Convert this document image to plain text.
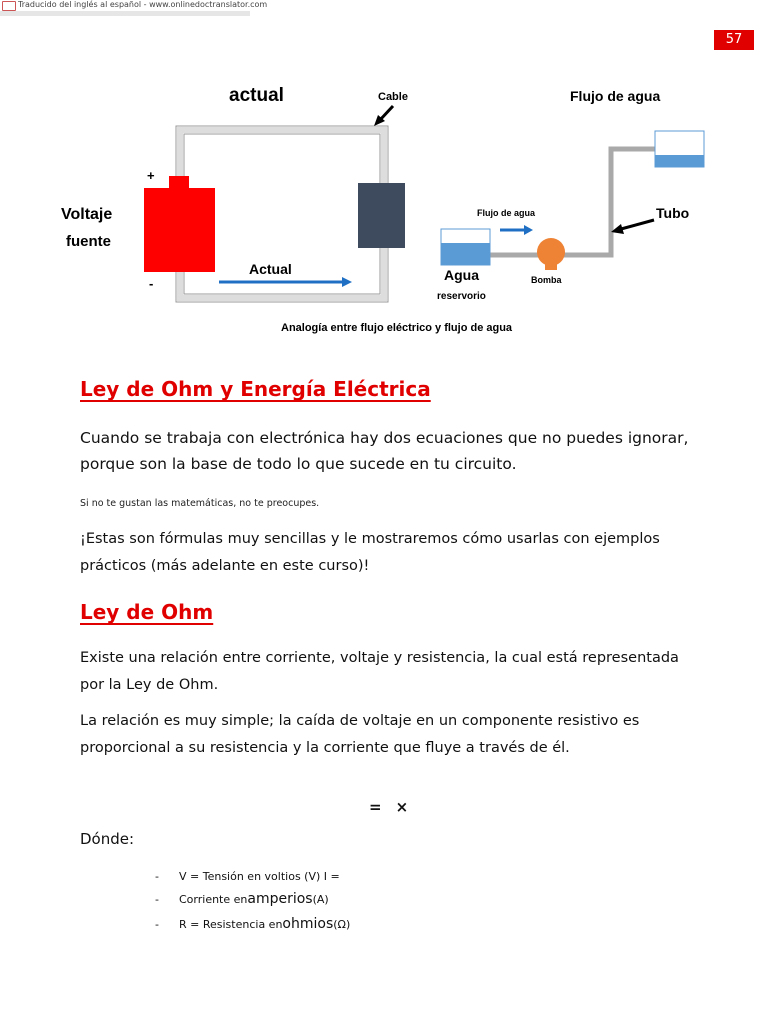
Traducido del inglés al español - www.onlinedoctranslator.com
57
actual	Cable
+
-
Voltaje
fuente
Actual
Flujo de agua
Flujo de agua	Tubo
Agua
reservorio
Bomba
Analogía entre flujo eléctrico y flujo de agua
Ley de Ohm y Energía Eléctrica
Cuando se trabaja con electrónica hay dos ecuaciones que no puedes ignorar, porque son la base de todo lo que sucede en tu circuito.
Si no te gustan las matemáticas, no te preocupes.
¡Estas son fórmulas muy sencillas y le mostraremos cómo usarlas con ejemplos prácticos (más adelante en este curso)!
Ley de Ohm
Existe una relación entre corriente, voltaje y resistencia, la cual está representada por la Ley de Ohm.
La relación es muy simple; la caída de voltaje en un componente resistivo es proporcional a su resistencia y la corriente que fluye a través de él.
= ×
Dónde:
- V = Tensión en voltios (V) I =
- Corriente enamperios(A)
- R = Resistencia enohmios(Ω)
